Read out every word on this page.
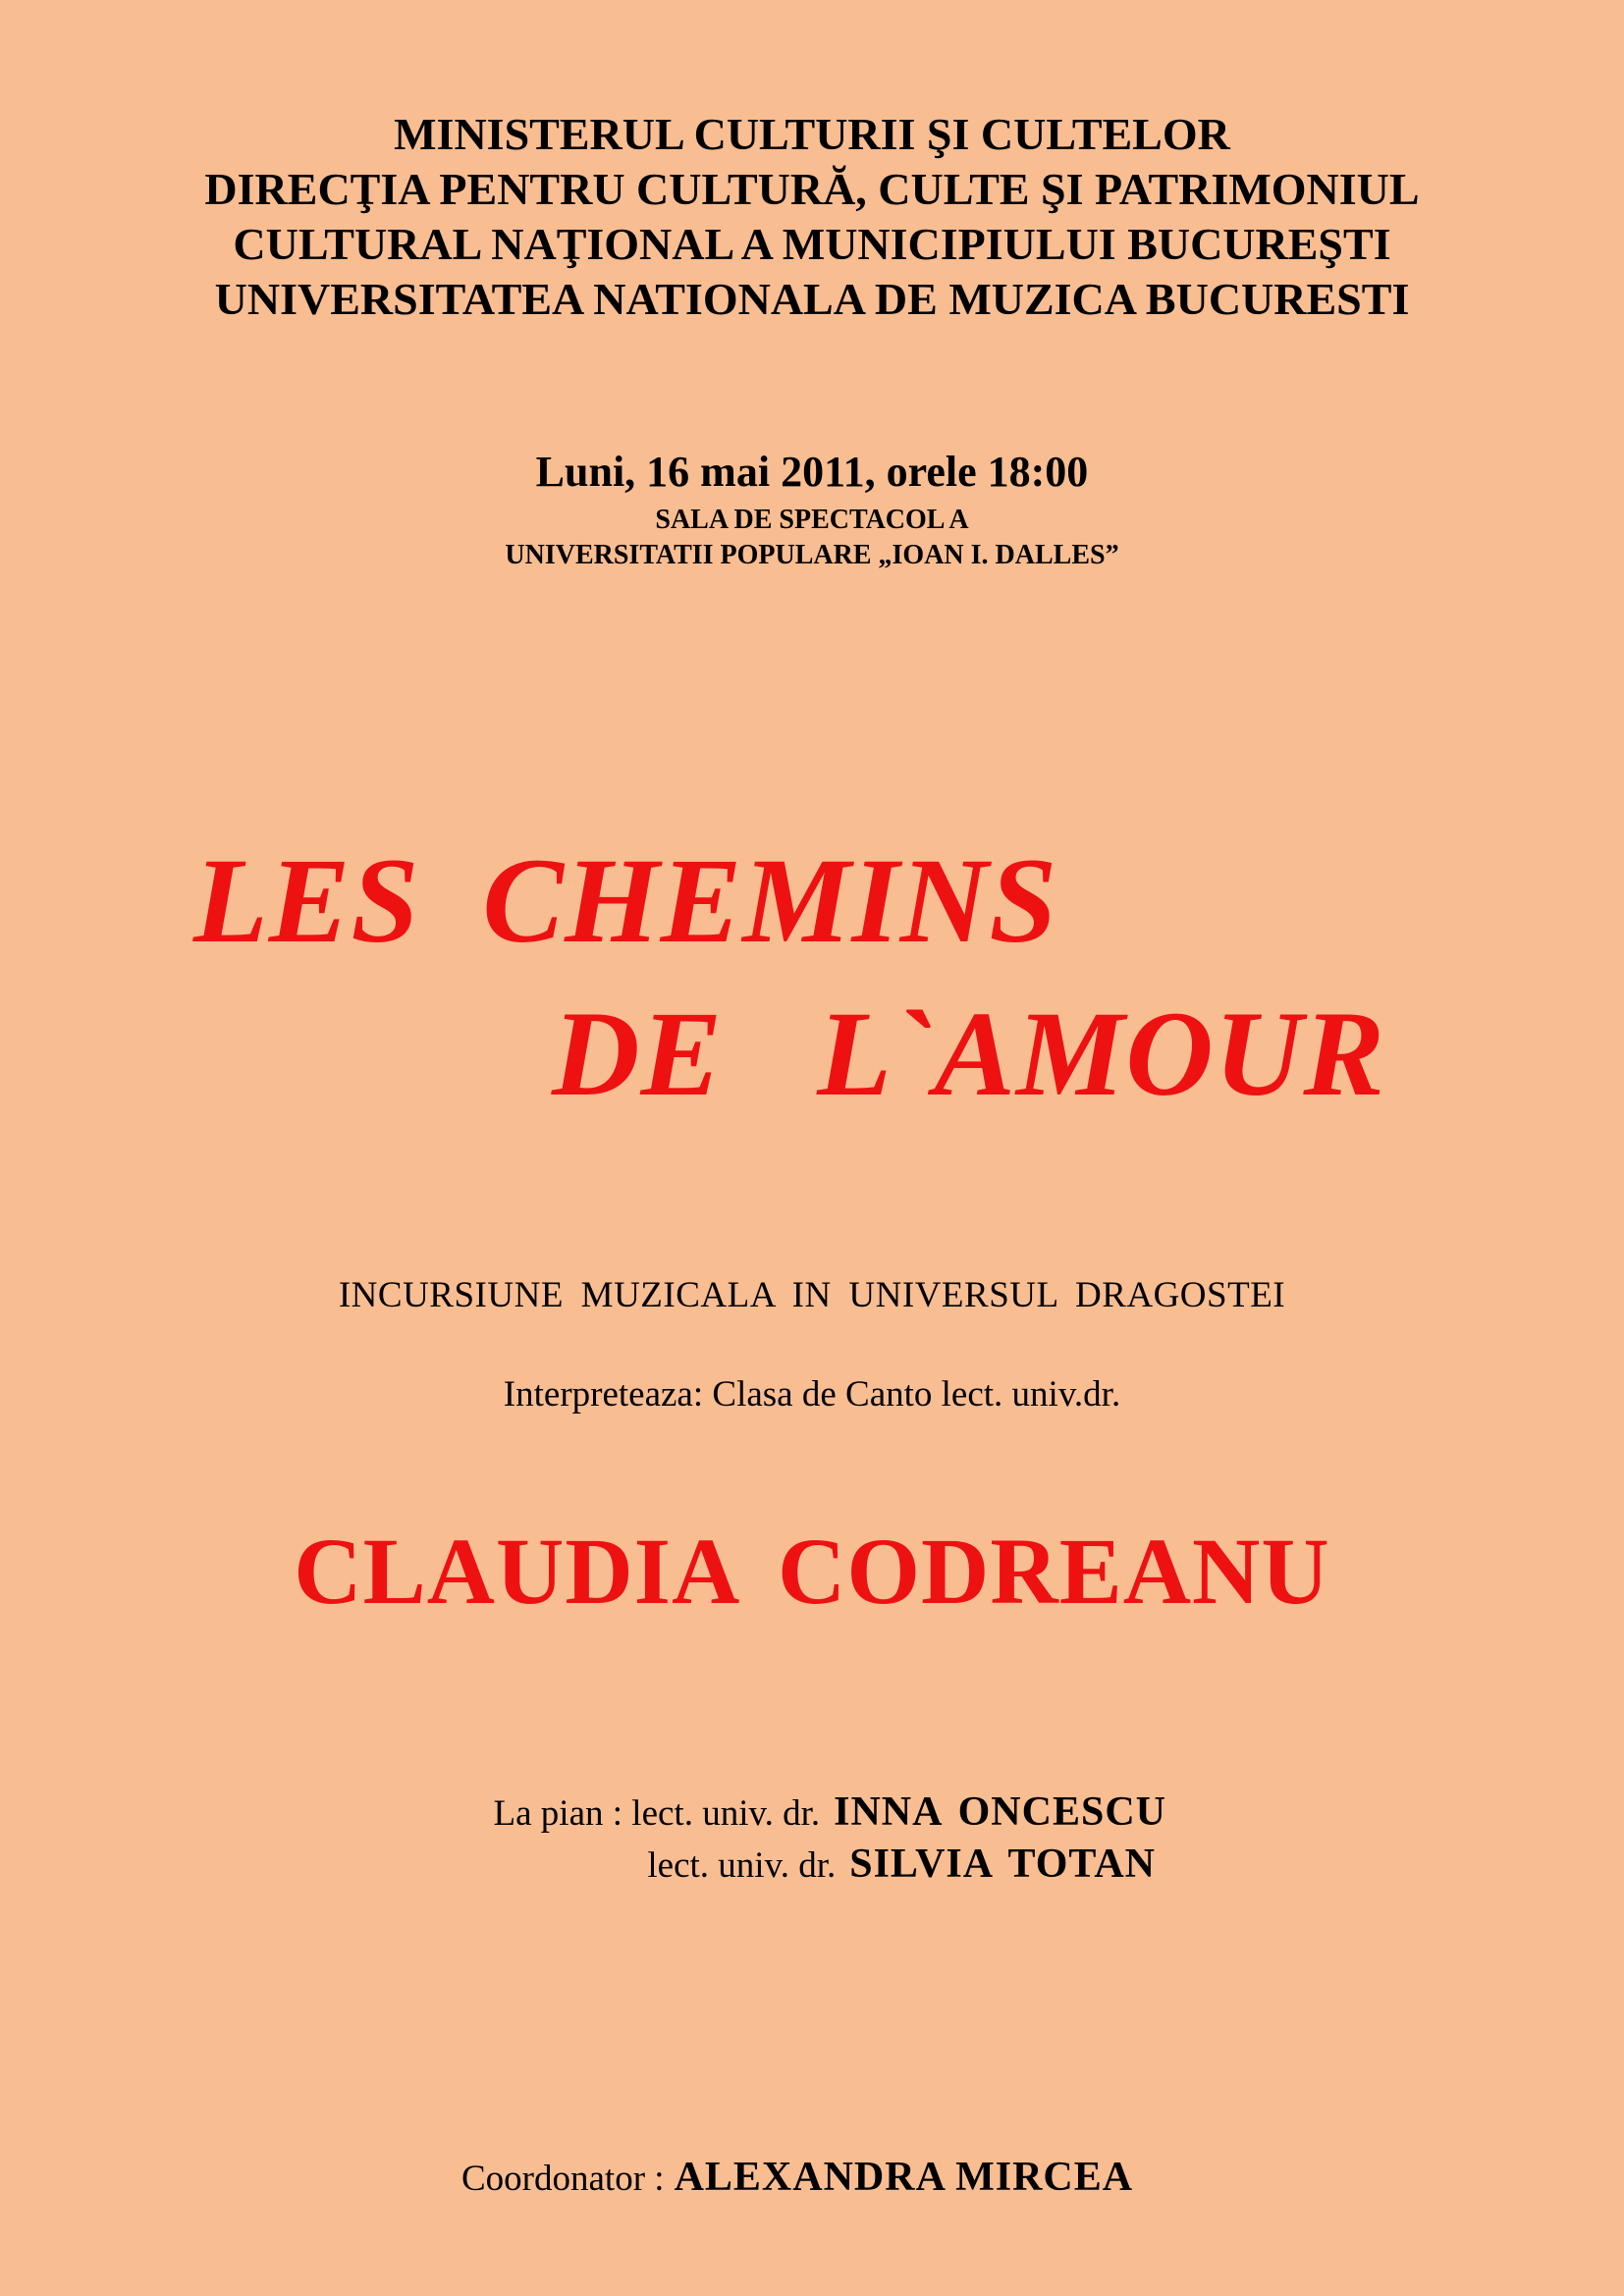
MINISTERUL CULTURII ŞI CULTELOR

DIRECŢIA PENTRU CULTURĂ, CULTE ŞI PATRIMONIUL

CULTURAL NAŢIONAL A MUNICIPIULUI BUCUREŞTI

UNIVERSITATEA NATIONALA DE MUZICA BUCURESTI

Luni, 16 mai 2011, orele 18:00

SALA DE SPECTACOL A

UNIVERSITATII POPULARE „IOAN I. DALLES”

LES  CHEMINS

DE   L`AMOUR

INCURSIUNE MUZICALA IN UNIVERSUL DRAGOSTEI

Interpreteaza: Clasa de Canto lect. univ.dr.

CLAUDIA CODREANU

La pian : lect. univ. dr. INNA ONCESCU
lect. univ. dr. SILVIA TOTAN
Coordonator : ALEXANDRA MIRCEA
